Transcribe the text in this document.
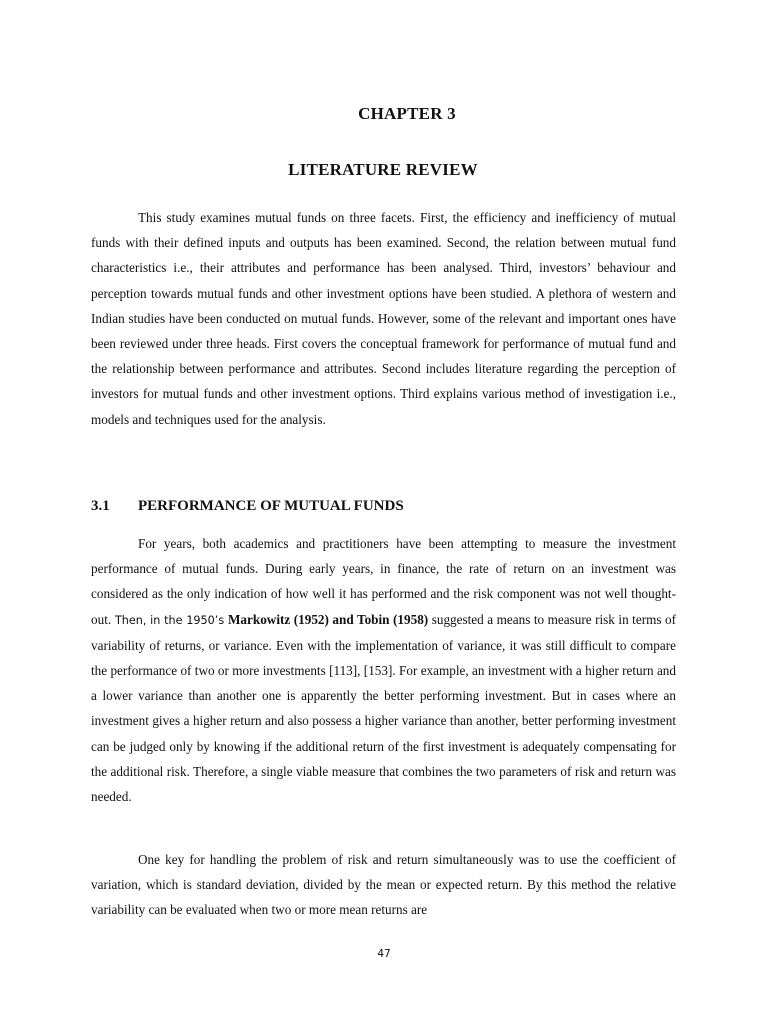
CHAPTER 3
LITERATURE REVIEW

This study examines mutual funds on three facets. First, the efficiency and inefficiency of mutual funds with their defined inputs and outputs has been examined. Second, the relation between mutual fund characteristics i.e., their attributes and performance has been analysed. Third, investors’ behaviour and perception towards mutual funds and other investment options have been studied. A plethora of western and Indian studies have been conducted on mutual funds. However, some of the relevant and important ones have been reviewed under three heads. First covers the conceptual framework for performance of mutual fund and the relationship between performance and attributes. Second includes literature regarding the perception of investors for mutual funds and other investment options. Third explains various method of investigation i.e., models and techniques used for the analysis.

3.1 PERFORMANCE OF MUTUAL FUNDS

For years, both academics and practitioners have been attempting to measure the investment performance of mutual funds. During early years, in finance, the rate of return on an investment was considered as the only indication of how well it has performed and the risk component was not well thought-out. Then, in the 1950’s Markowitz (1952) and Tobin (1958) suggested a means to measure risk in terms of variability of returns, or variance. Even with the implementation of variance, it was still difficult to compare the performance of two or more investments [113], [153]. For example, an investment with a higher return and a lower variance than another one is apparently the better performing investment. But in cases where an investment gives a higher return and also possess a higher variance than another, better performing investment can be judged only by knowing if the additional return of the first investment is adequately compensating for the additional risk. Therefore, a single viable measure that combines the two parameters of risk and return was needed.

One key for handling the problem of risk and return simultaneously was to use the coefficient of variation, which is standard deviation, divided by the mean or expected return. By this method the relative variability can be evaluated when two or more mean returns are

47
